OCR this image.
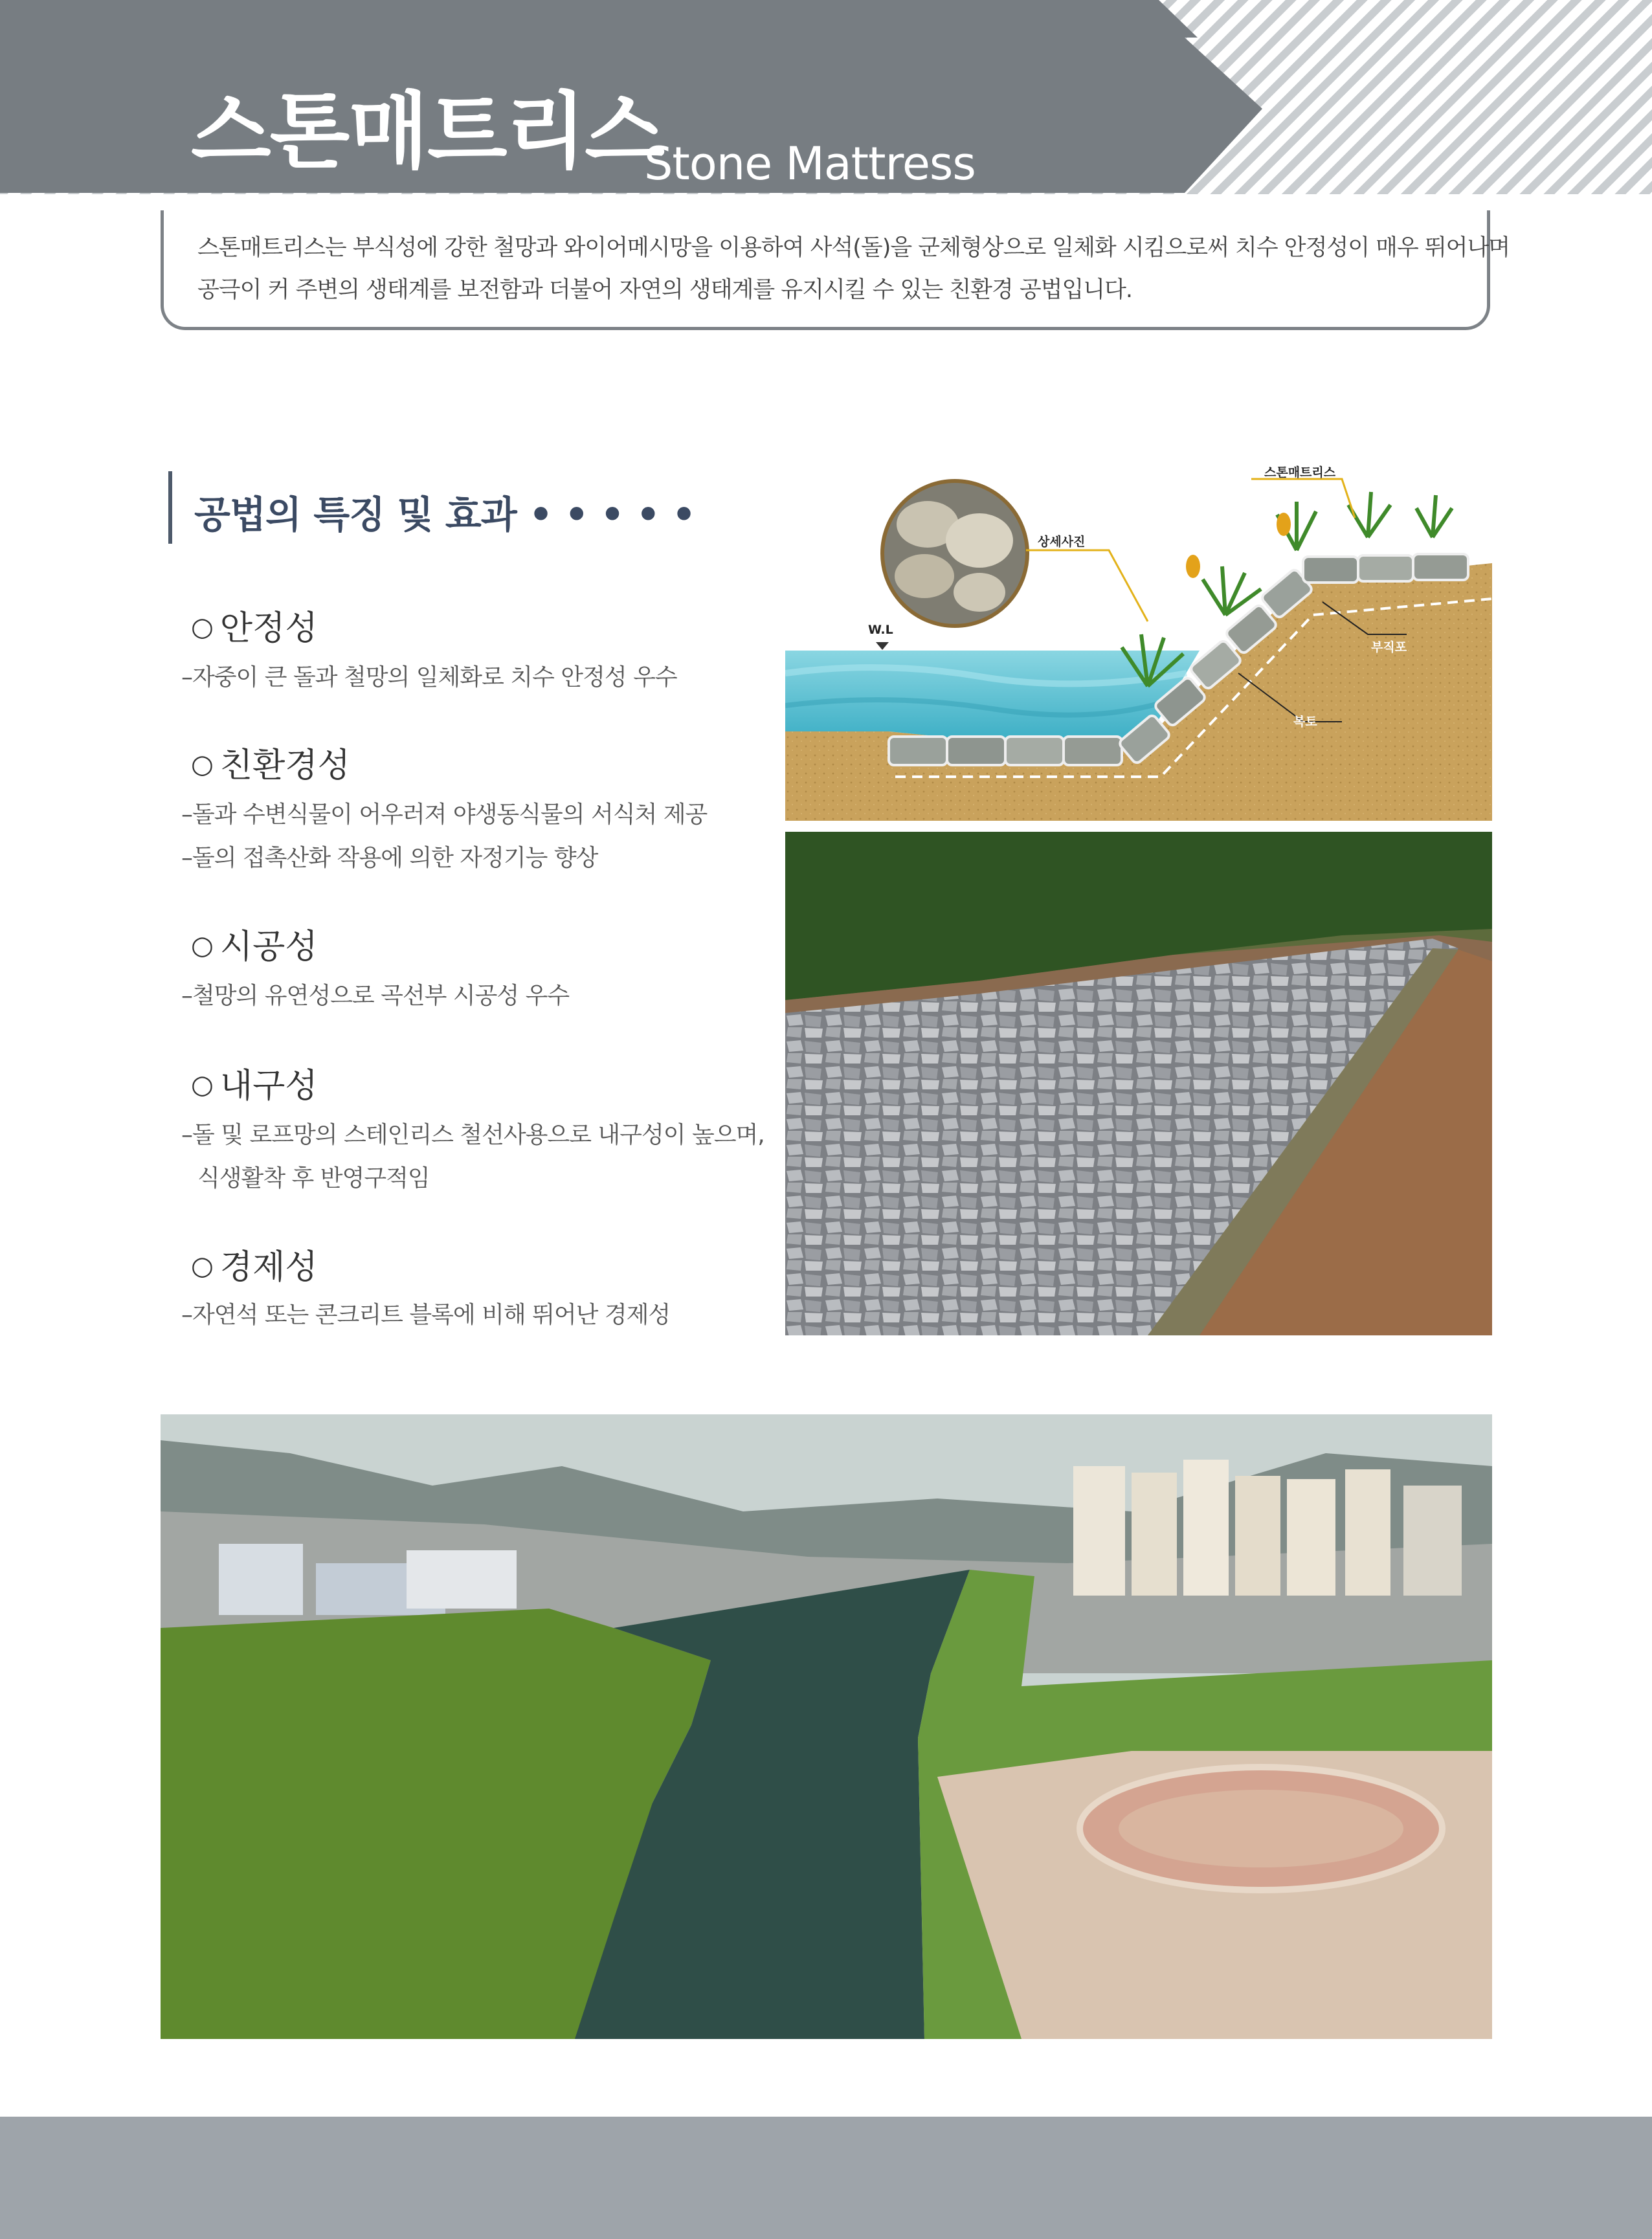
스톤매트리스
Stone Mattress
스톤매트리스는 부식성에 강한 철망과 와이어메시망을 이용하여 사석(돌)을 군체형상으로 일체화 시킴으로써 치수 안정성이 매우 뛰어나며
공극이 커 주변의 생태계를 보전함과 더불어 자연의 생태계를 유지시킬 수 있는 친환경 공법입니다.
공법의 특징 및 효과 • • • • •
○ 안정성
–자중이 큰 돌과 철망의 일체화로 치수 안정성 우수
○ 친환경성
–돌과 수변식물이 어우러져 야생동식물의 서식처 제공
–돌의 접촉산화 작용에 의한 자정기능 향상
○ 시공성
–철망의 유연성으로 곡선부 시공성 우수
○ 내구성
–돌 및 로프망의 스테인리스 철선사용으로 내구성이 높으며,
식생활착 후 반영구적임
○ 경제성
–자연석 또는 콘크리트 블록에 비해 뛰어난 경제성
스톤매트리스
상세사진
W.L
부직포
복토
